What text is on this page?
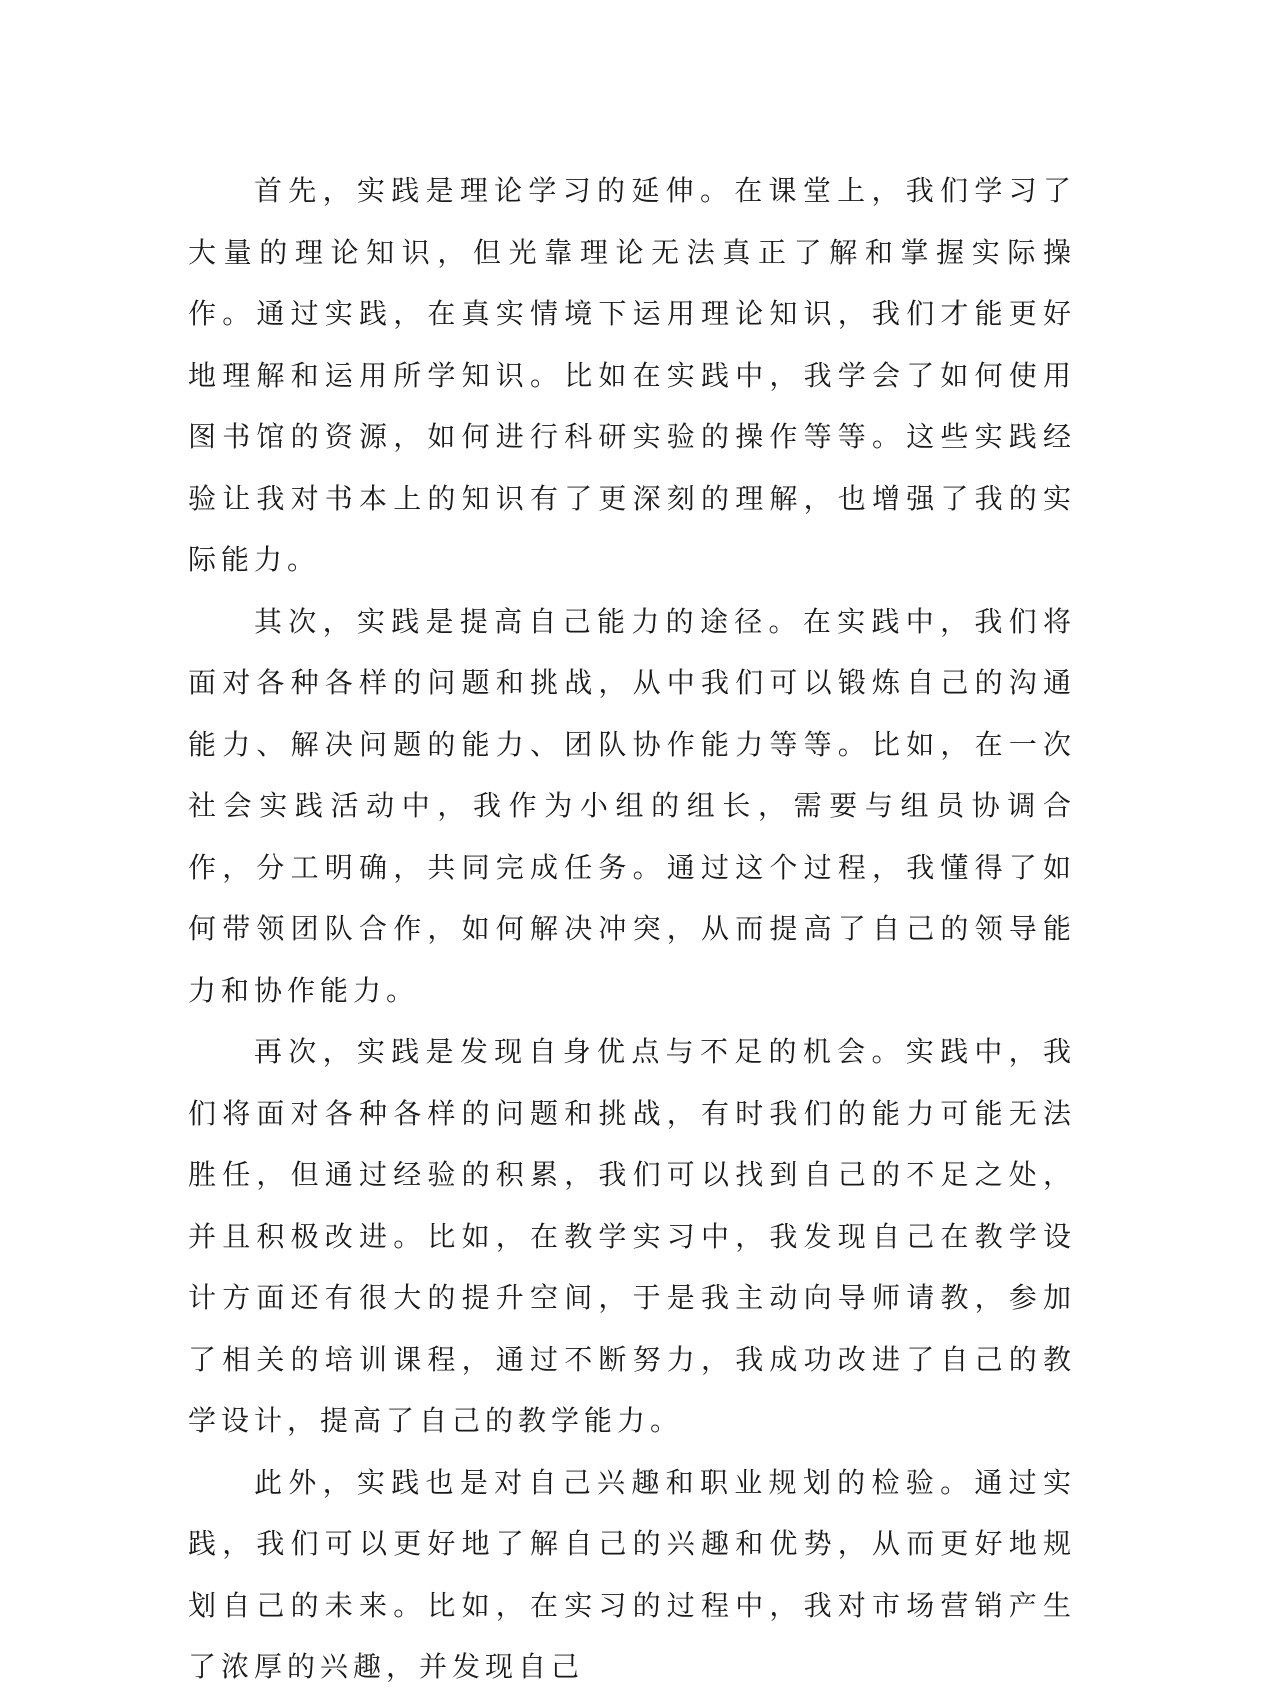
首先，实践是理论学习的延伸。在课堂上，我们学习了大量的理论知识，但光靠理论无法真正了解和掌握实际操作。通过实践，在真实情境下运用理论知识，我们才能更好地理解和运用所学知识。比如在实践中，我学会了如何使用图书馆的资源，如何进行科研实验的操作等等。这些实践经验让我对书本上的知识有了更深刻的理解，也增强了我的实际能力。

其次，实践是提高自己能力的途径。在实践中，我们将面对各种各样的问题和挑战，从中我们可以锻炼自己的沟通能力、解决问题的能力、团队协作能力等等。比如，在一次社会实践活动中，我作为小组的组长，需要与组员协调合作，分工明确，共同完成任务。通过这个过程，我懂得了如何带领团队合作，如何解决冲突，从而提高了自己的领导能力和协作能力。

再次，实践是发现自身优点与不足的机会。实践中，我们将面对各种各样的问题和挑战，有时我们的能力可能无法胜任，但通过经验的积累，我们可以找到自己的不足之处，并且积极改进。比如，在教学实习中，我发现自己在教学设计方面还有很大的提升空间，于是我主动向导师请教，参加了相关的培训课程，通过不断努力，我成功改进了自己的教学设计，提高了自己的教学能力。

此外，实践也是对自己兴趣和职业规划的检验。通过实践，我们可以更好地了解自己的兴趣和优势，从而更好地规划自己的未来。比如，在实习的过程中，我对市场营销产生了浓厚的兴趣，并发现自己
